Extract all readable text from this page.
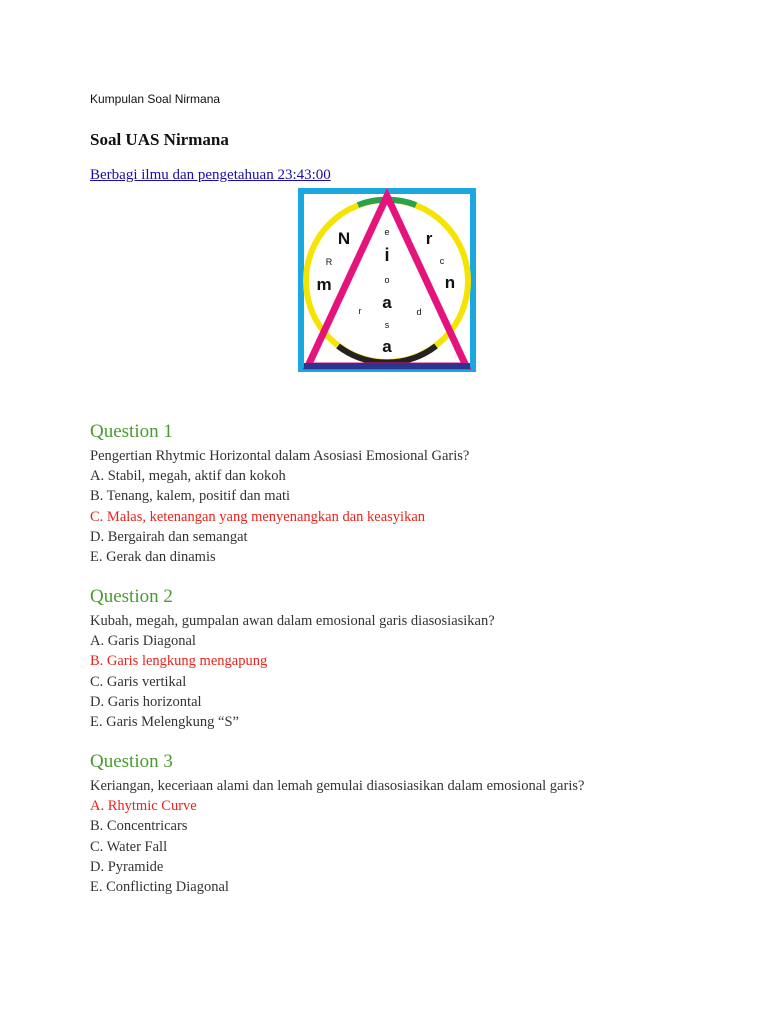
Kumpulan Soal Nirmana
Soal UAS Nirmana
Berbagi ilmu dan pengetahuan 23:43:00
N
i
r
m
a
n
a
e
R	c
o
r	d
s
Question 1
Pengertian Rhytmic Horizontal dalam Asosiasi Emosional Garis?
A. Stabil, megah, aktif dan kokoh
B. Tenang, kalem, positif dan mati
C. Malas, ketenangan yang menyenangkan dan keasyikan
D. Bergairah dan semangat
E. Gerak dan dinamis
Question 2
Kubah, megah, gumpalan awan dalam emosional garis diasosiasikan?
A. Garis Diagonal
B. Garis lengkung mengapung
C. Garis vertikal
D. Garis horizontal
E. Garis Melengkung “S”
Question 3
Keriangan, keceriaan alami dan lemah gemulai diasosiasikan dalam emosional garis?
A. Rhytmic Curve
B. Concentricars
C. Water Fall
D. Pyramide
E. Conflicting Diagonal
